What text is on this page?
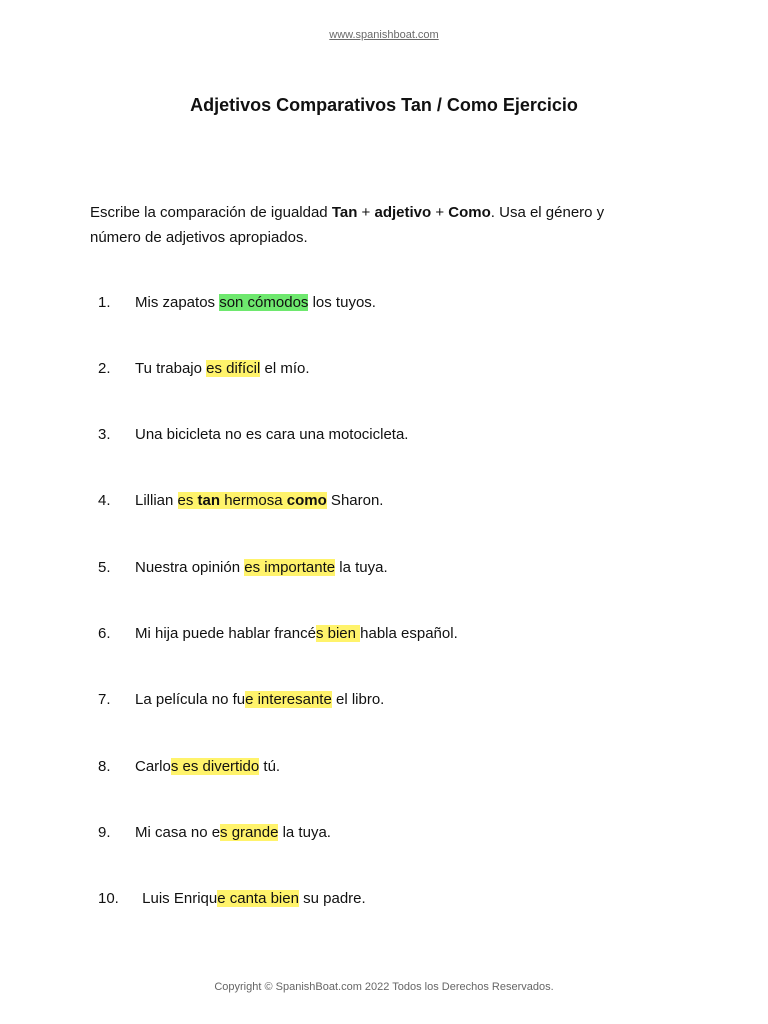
www.spanishboat.com
Adjetivos Comparativos Tan / Como Ejercicio
Escribe la comparación de igualdad Tan + adjetivo + Como. Usa el género y número de adjetivos apropiados.
1. Mis zapatos son cómodos los tuyos.
2. Tu trabajo es difícil el mío.
3. Una bicicleta no es cara una motocicleta.
4. Lillian es tan hermosa como Sharon.
5. Nuestra opinión es importante la tuya.
6. Mi hija puede hablar francés bien habla español.
7. La película no fue interesante el libro.
8. Carlos es divertido tú.
9. Mi casa no es grande la tuya.
10. Luis Enrique canta bien su padre.
Copyright © SpanishBoat.com 2022 Todos los Derechos Reservados.
